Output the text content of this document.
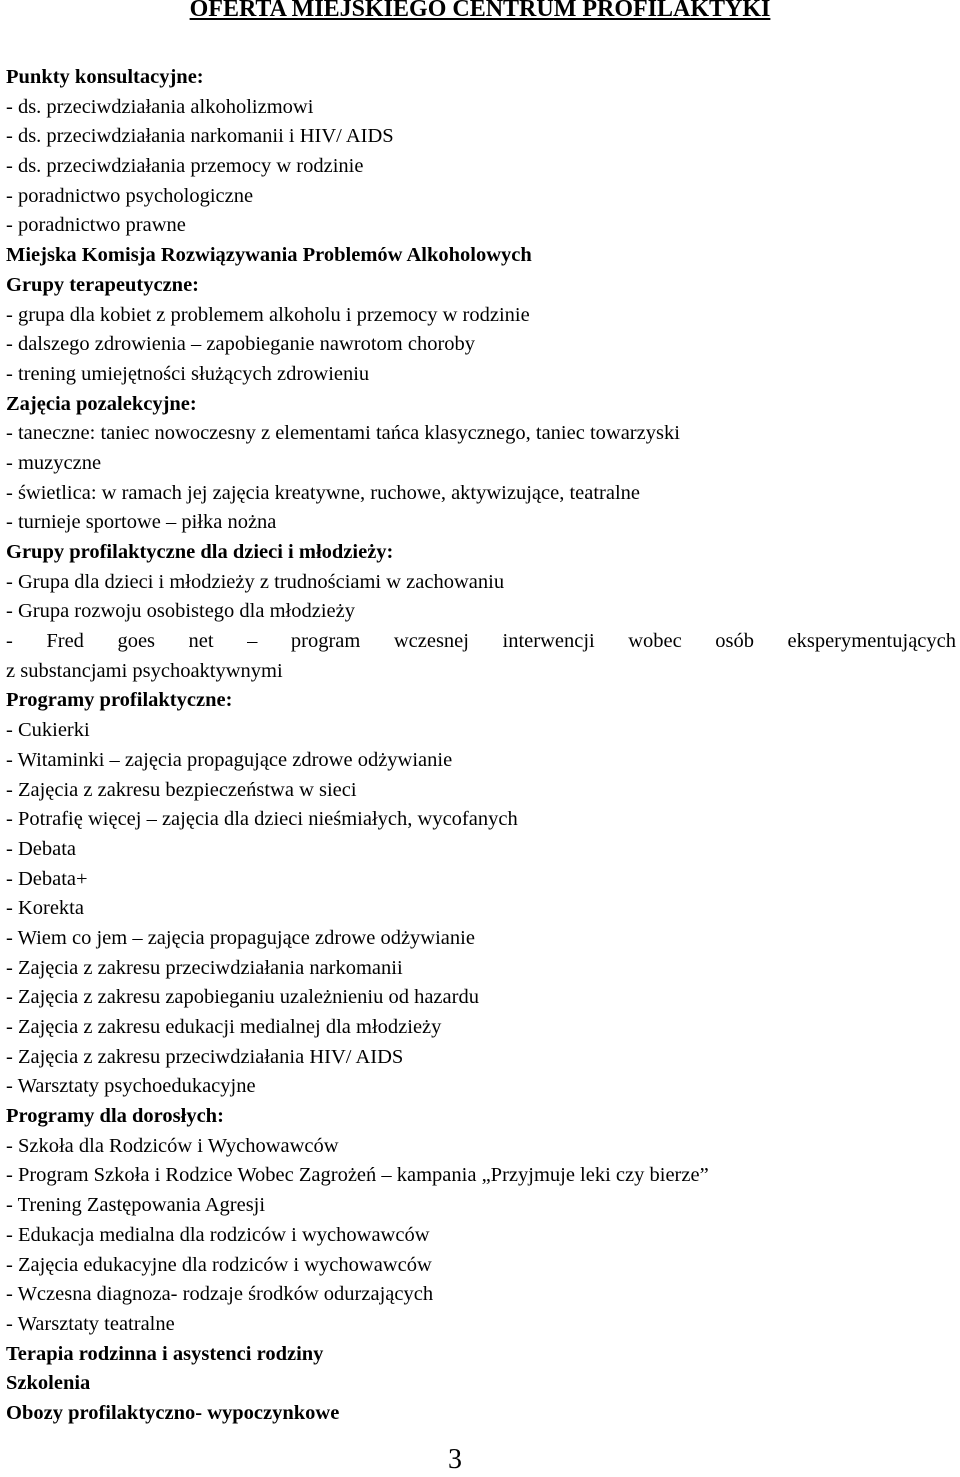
OFERTA MIEJSKIEGO CENTRUM PROFILAKTYKI

Punkty konsultacyjne:

- ds. przeciwdziałania alkoholizmowi

- ds. przeciwdziałania narkomanii i HIV/ AIDS

- ds. przeciwdziałania przemocy w rodzinie

- poradnictwo psychologiczne

- poradnictwo prawne

Miejska Komisja Rozwiązywania Problemów Alkoholowych

Grupy terapeutyczne:

- grupa dla kobiet z problemem alkoholu i przemocy w rodzinie

- dalszego zdrowienia – zapobieganie nawrotom choroby

- trening umiejętności służących zdrowieniu

Zajęcia pozalekcyjne:

- taneczne: taniec nowoczesny z elementami tańca klasycznego, taniec towarzyski

- muzyczne

- świetlica: w ramach jej zajęcia kreatywne, ruchowe, aktywizujące, teatralne

- turnieje sportowe – piłka nożna

Grupy profilaktyczne dla dzieci i młodzieży:

- Grupa dla dzieci i młodzieży z trudnościami w zachowaniu

- Grupa rozwoju osobistego dla młodzieży

- Fred goes net – program wczesnej interwencji wobec osób eksperymentujących

z substancjami psychoaktywnymi

Programy profilaktyczne:

- Cukierki

- Witaminki – zajęcia propagujące zdrowe odżywianie

- Zajęcia z zakresu bezpieczeństwa w sieci

- Potrafię więcej – zajęcia dla dzieci nieśmiałych, wycofanych

- Debata

- Debata+

- Korekta

- Wiem co jem – zajęcia propagujące zdrowe odżywianie

- Zajęcia z zakresu przeciwdziałania narkomanii

- Zajęcia z zakresu zapobieganiu uzależnieniu od hazardu

- Zajęcia z zakresu edukacji medialnej dla młodzieży

- Zajęcia z zakresu przeciwdziałania HIV/ AIDS

- Warsztaty psychoedukacyjne

Programy dla dorosłych:

- Szkoła dla Rodziców i Wychowawców

- Program Szkoła i Rodzice Wobec Zagrożeń – kampania „Przyjmuje leki czy bierze”

- Trening Zastępowania Agresji

- Edukacja medialna dla rodziców i wychowawców

- Zajęcia edukacyjne dla rodziców i wychowawców

- Wczesna diagnoza- rodzaje środków odurzających

- Warsztaty teatralne

Terapia rodzinna i asystenci rodziny

Szkolenia

Obozy profilaktyczno- wypoczynkowe

3
